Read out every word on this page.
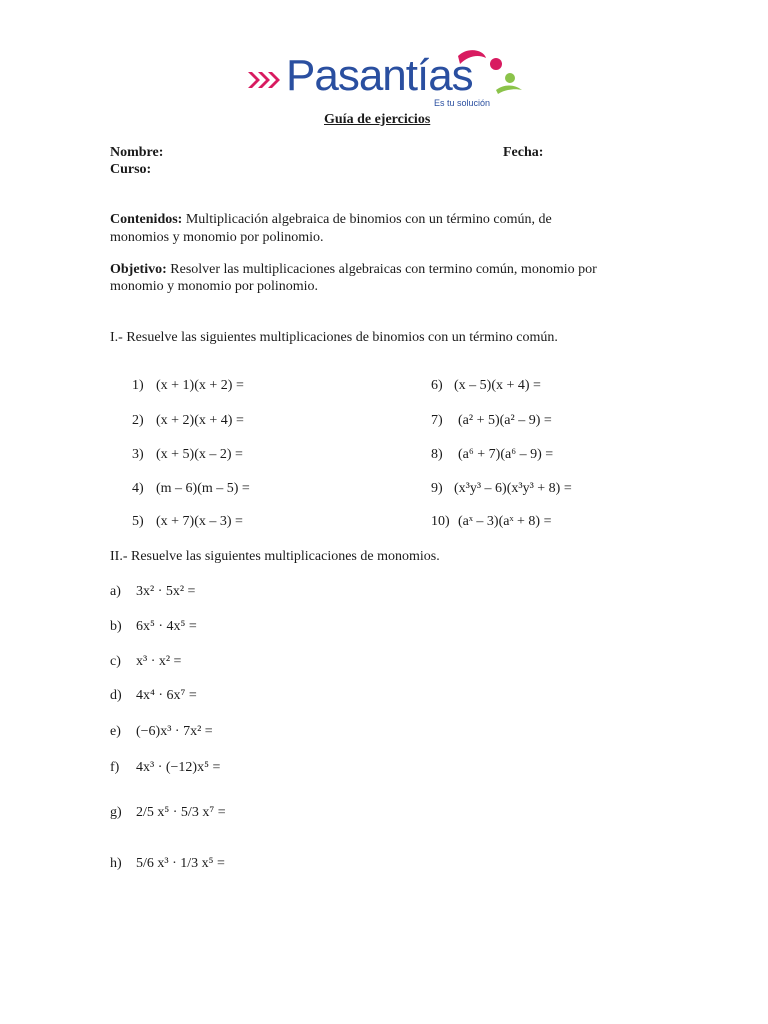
Pasantías
Es tu solución
Guía de ejercicios
Nombre:	Fecha:
Curso:
Contenidos: Multiplicación algebraica de binomios con un término común, de
monomios y monomio por polinomio.
Objetivo: Resolver las multiplicaciones algebraicas con termino común, monomio por
monomio y monomio por polinomio.
I.- Resuelve las siguientes multiplicaciones de binomios con un término común.
1) (x + 1)(x + 2) =
2) (x + 2)(x + 4) =
3) (x + 5)(x – 2) =
4) (m – 6)(m – 5) =
5) (x + 7)(x – 3) =
6) (x – 5)(x + 4) =
7) (a² + 5)(a² – 9) =
8) (a⁶ + 7)(a⁶ – 9) =
9) (x³y³ – 6)(x³y³ + 8) =
10) (aˣ – 3)(aˣ + 8) =
II.- Resuelve las siguientes multiplicaciones de monomios.
a) 3x² · 5x² =
b) 6x⁵ · 4x⁵ =
c) x³ · x² =
d) 4x⁴ · 6x⁷ =
e) (−6)x³ · 7x² =
f) 4x³ · (−12)x⁵ =
g) 2/5 x⁵ · 5/3 x⁷ =
h) 5/6 x³ · 1/3 x⁵ =
